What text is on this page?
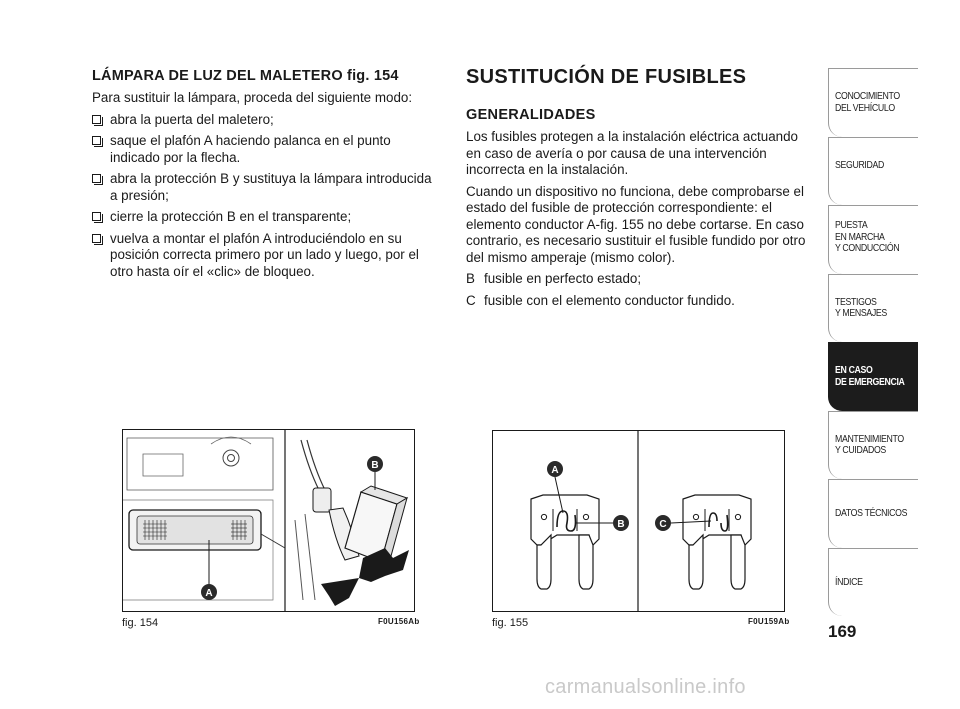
LÁMPARA DE LUZ DEL MALETERO fig. 154
Para sustituir la lámpara, proceda del siguiente modo:
abra la puerta del maletero;
saque el plafón A haciendo palanca en el punto indicado por la flecha.
abra la protección B y sustituya la lámpara introducida a presión;
cierre la protección B en el transparente;
vuelva a montar el plafón A introduciéndolo en su posición correcta primero por un lado y luego, por el otro hasta oír el «clic» de bloqueo.
SUSTITUCIÓN DE FUSIBLES
GENERALIDADES
Los fusibles protegen a la instalación eléctrica actuando en caso de avería o por causa de una intervención incorrecta en la instalación.
Cuando un dispositivo no funciona, debe comprobarse el estado del fusible de protección correspondiente: el elemento conductor A-fig. 155 no debe cortarse. En caso contrario, es necesario sustituir el fusible fundido por otro del mismo amperaje (mismo color).
B fusible en perfecto estado;
C fusible con el elemento conductor fundido.
A
B
fig. 154	F0U156Ab
A
B	C
fig. 155	F0U159Ab
CONOCIMIENTO
DEL VEHÍCULO
SEGURIDAD
PUESTA
EN MARCHA
Y CONDUCCIÓN
TESTIGOS
Y MENSAJES
EN CASO
DE EMERGENCIA
MANTENIMIENTO
Y CUIDADOS
DATOS TÉCNICOS
ÍNDICE
169
carmanualsonline.info
